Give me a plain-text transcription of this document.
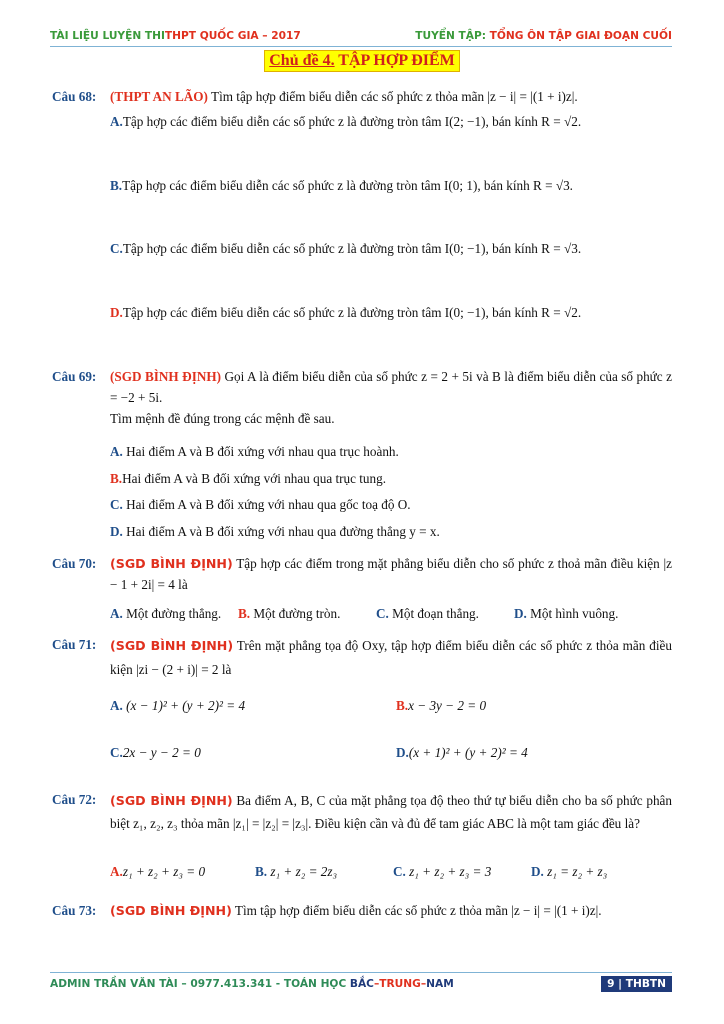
TÀI LIỆU LUYỆN THITHPT QUỐC GIA – 2017	TUYỂN TẬP: TỔNG ÔN TẬP GIAI ĐOẠN CUỐI
Chủ đề 4. TẬP HỢP ĐIỂM
Câu 68: (THPT AN LÃO) Tìm tập hợp điểm biểu diễn các số phức z thỏa mãn |z − i| = |(1 + i)z|.
A.Tập hợp các điểm biểu diễn các số phức z là đường tròn tâm I(2; −1), bán kính R = √2.
B.Tập hợp các điểm biểu diễn các số phức z là đường tròn tâm I(0; 1), bán kính R = √3.
C.Tập hợp các điểm biểu diễn các số phức z là đường tròn tâm I(0; −1), bán kính R = √3.
D.Tập hợp các điểm biểu diễn các số phức z là đường tròn tâm I(0; −1), bán kính R = √2.
Câu 69: (SGD BÌNH ĐỊNH) Gọi A là điểm biểu diễn của số phức z = 2 + 5i và B là điểm biểu diễn của số phức z = −2 + 5i.
Tìm mệnh đề đúng trong các mệnh đề sau.
A. Hai điểm A và B đối xứng với nhau qua trục hoành.
B.Hai điểm A và B đối xứng với nhau qua trục tung.
C. Hai điểm A và B đối xứng với nhau qua gốc toạ độ O.
D. Hai điểm A và B đối xứng với nhau qua đường thẳng y = x.
Câu 70: (SGD BÌNH ĐỊNH) Tập hợp các điểm trong mặt phẳng biểu diễn cho số phức z thoả mãn điều kiện |z − 1 + 2i| = 4 là
A. Một đường thẳng. B. Một đường tròn.	C. Một đoạn thẳng.	D. Một hình vuông.
Câu 71: (SGD BÌNH ĐỊNH) Trên mặt phẳng tọa độ Oxy, tập hợp điểm biểu diễn các số phức z thỏa mãn điều kiện |zi − (2 + i)| = 2 là
A. (x − 1)² + (y + 2)² = 4	B.x − 3y − 2 = 0
C.2x − y − 2 = 0	D.(x + 1)² + (y + 2)² = 4
Câu 72: (SGD BÌNH ĐỊNH) Ba điểm A, B, C của mặt phẳng tọa độ theo thứ tự biểu diễn cho ba số phức phân biệt z₁, z₂, z₃ thỏa mãn |z₁| = |z₂| = |z₃|. Điều kiện cần và đủ để tam giác ABC là một tam giác đều là?
A.z₁ + z₂ + z₃ = 0	B. z₁ + z₂ = 2z₃	C. z₁ + z₂ + z₃ = 3	D. z₁ = z₂ + z₃
Câu 73: (SGD BÌNH ĐỊNH) Tìm tập hợp điểm biểu diễn các số phức z thỏa mãn |z − i| = |(1 + i)z|.
ADMIN TRẦN VĂN TÀI – 0977.413.341 - TOÁN HỌC BẮC–TRUNG–NAM	9 | THBTN
